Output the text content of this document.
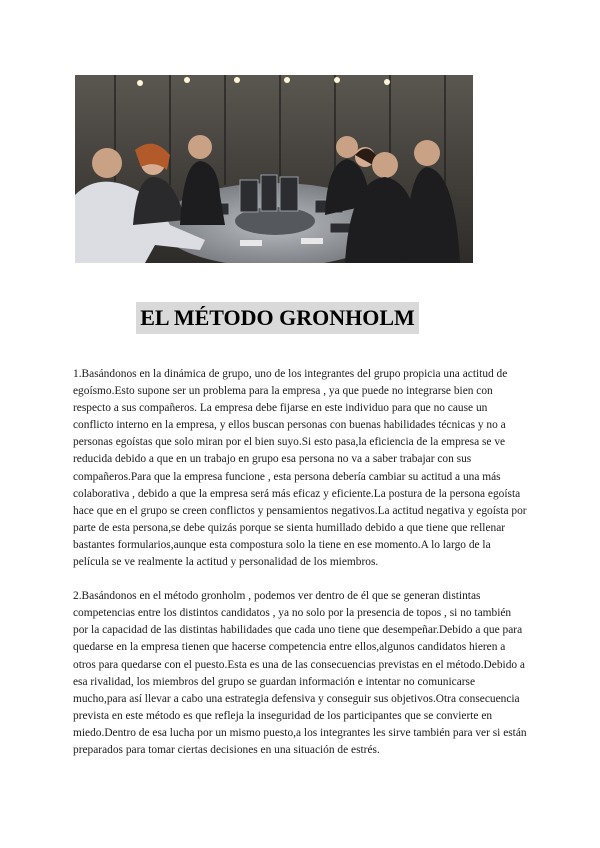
EL MÉTODO GRONHOLM

1.Basándonos en la dinámica de grupo, uno de los integrantes del grupo propicia una actitud de egoísmo.Esto supone ser un problema para la empresa , ya que puede no integrarse bien con respecto a sus compañeros. La empresa debe fijarse en este individuo para que no cause un conflicto interno en la empresa, y ellos buscan personas con buenas habilidades técnicas y no a personas egoístas que solo miran por el bien suyo.Si esto pasa,la eficiencia de la empresa se ve reducida debido a que en un trabajo en grupo esa persona no va a saber trabajar con sus compañeros.Para que la empresa funcione , esta persona debería cambiar su actitud a una más colaborativa , debido a que la empresa será más eficaz y eficiente.La postura de la persona egoísta hace que en el grupo se creen conflictos y pensamientos negativos.La actitud negativa y egoísta por parte de esta persona,se debe quizás porque se sienta humillado debido a que tiene que rellenar bastantes formularios,aunque esta compostura solo la tiene en ese momento.A lo largo de la película se ve realmente la actitud y personalidad de los miembros.

2.Basándonos en el método gronholm , podemos ver dentro de él que se generan distintas competencias entre los distintos candidatos , ya no solo por la presencia de topos , si no también por la capacidad de las distintas habilidades que cada uno tiene que desempeñar.Debido a que para quedarse en la empresa tienen que hacerse competencia entre ellos,algunos candidatos hieren a otros para quedarse con el puesto.Esta es una de las consecuencias previstas en el método.Debido a esa rivalidad, los miembros del grupo se guardan información e intentar no comunicarse mucho,para así llevar a cabo una estrategia defensiva y conseguir sus objetivos.Otra consecuencia prevista en este método es que refleja la inseguridad de los participantes que se convierte en miedo.Dentro de esa lucha por un mismo puesto,a los integrantes les sirve también para ver si están preparados para tomar ciertas decisiones en una situación de estrés.
